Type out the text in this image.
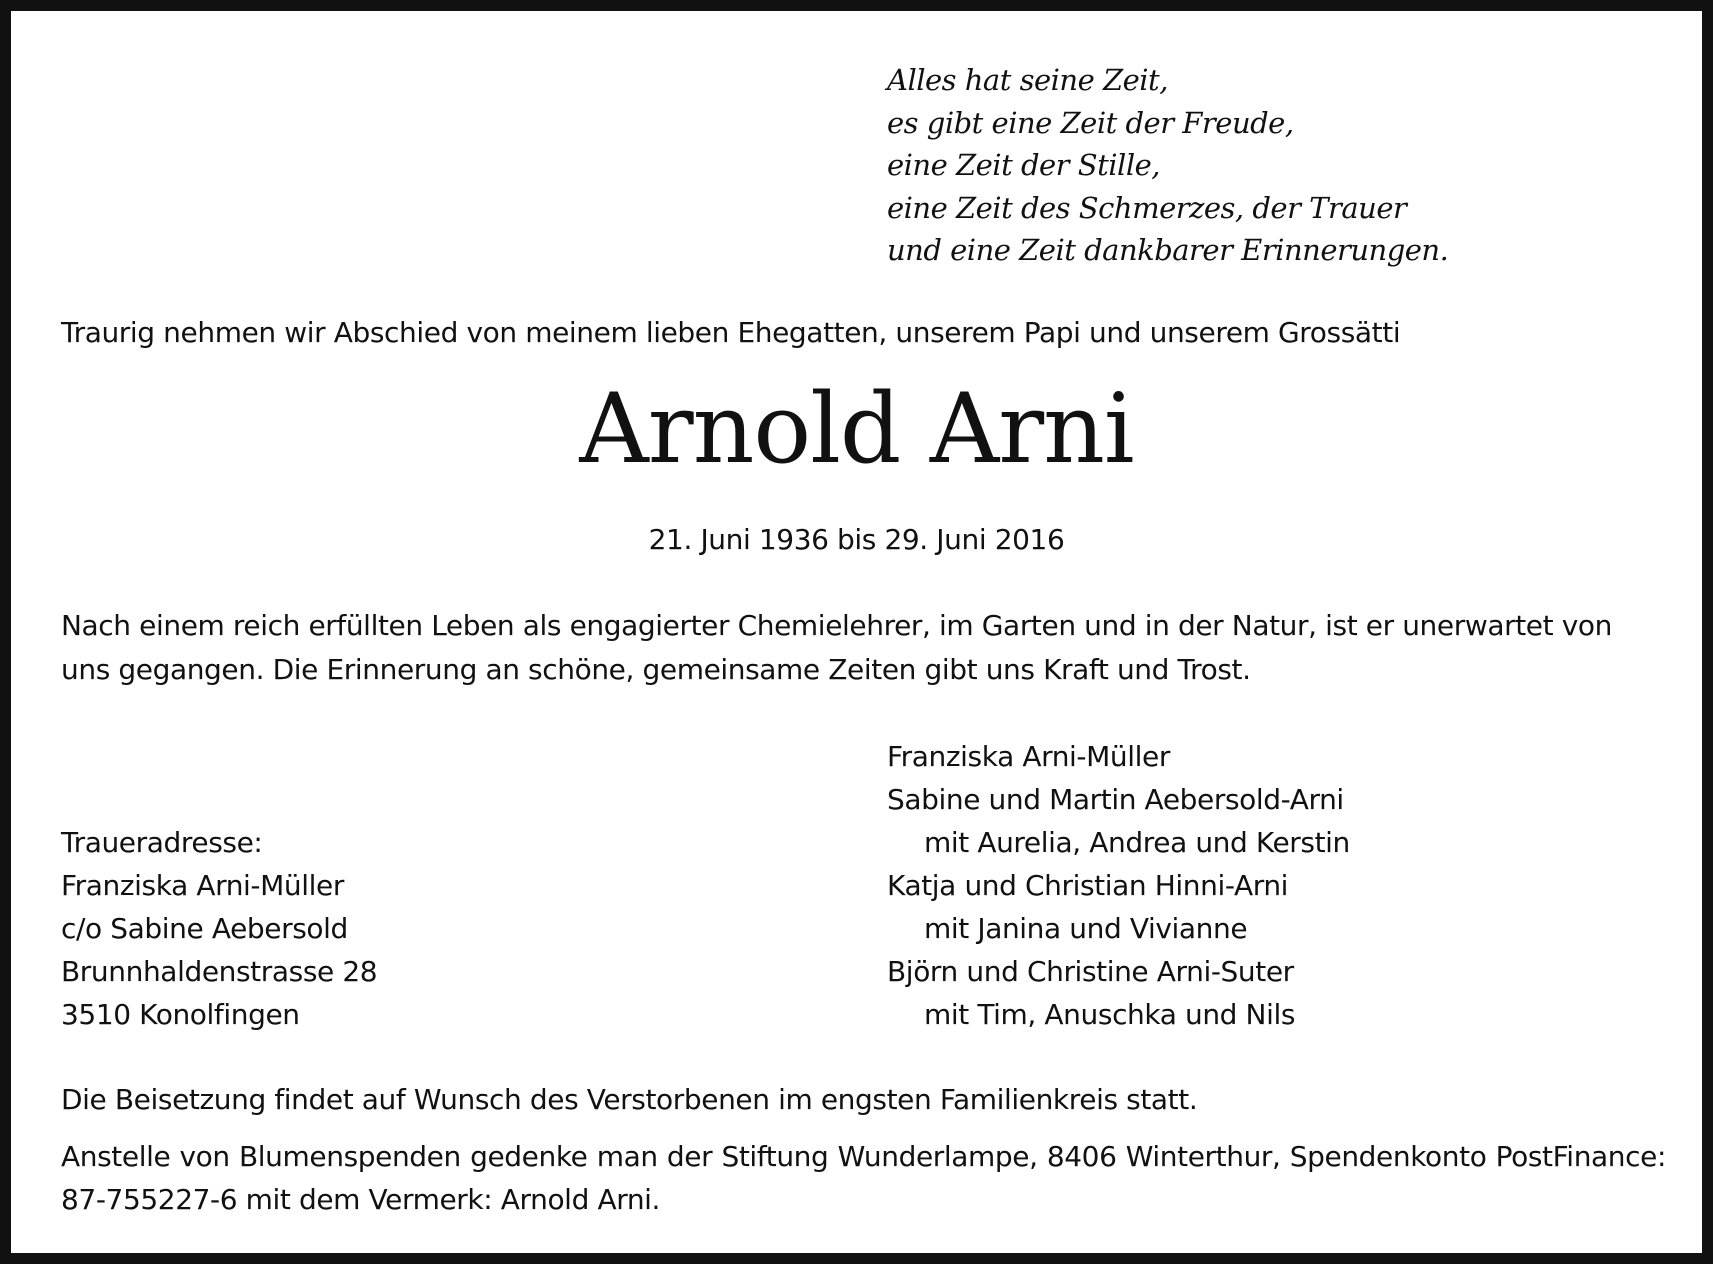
Alles hat seine Zeit,
es gibt eine Zeit der Freude,
eine Zeit der Stille,
eine Zeit des Schmerzes, der Trauer
und eine Zeit dankbarer Erinnerungen.
Traurig nehmen wir Abschied von meinem lieben Ehegatten, unserem Papi und unserem Grossätti
Arnold Arni
21. Juni 1936 bis 29. Juni 2016
Nach einem reich erfüllten Leben als engagierter Chemielehrer, im Garten und in der Natur, ist er unerwartet von uns gegangen. Die Erinnerung an schöne, gemeinsame Zeiten gibt uns Kraft und Trost.
Traueradresse:
Franziska Arni-Müller
c/o Sabine Aebersold
Brunnhaldenstrasse 28
3510 Konolfingen
Franziska Arni-Müller
Sabine und Martin Aebersold-Arni
mit Aurelia, Andrea und Kerstin
Katja und Christian Hinni-Arni
mit Janina und Vivianne
Björn und Christine Arni-Suter
mit Tim, Anuschka und Nils
Die Beisetzung findet auf Wunsch des Verstorbenen im engsten Familienkreis statt.
Anstelle von Blumenspenden gedenke man der Stiftung Wunderlampe, 8406 Winterthur, Spendenkonto PostFinance: 87-755227-6 mit dem Vermerk: Arnold Arni.
